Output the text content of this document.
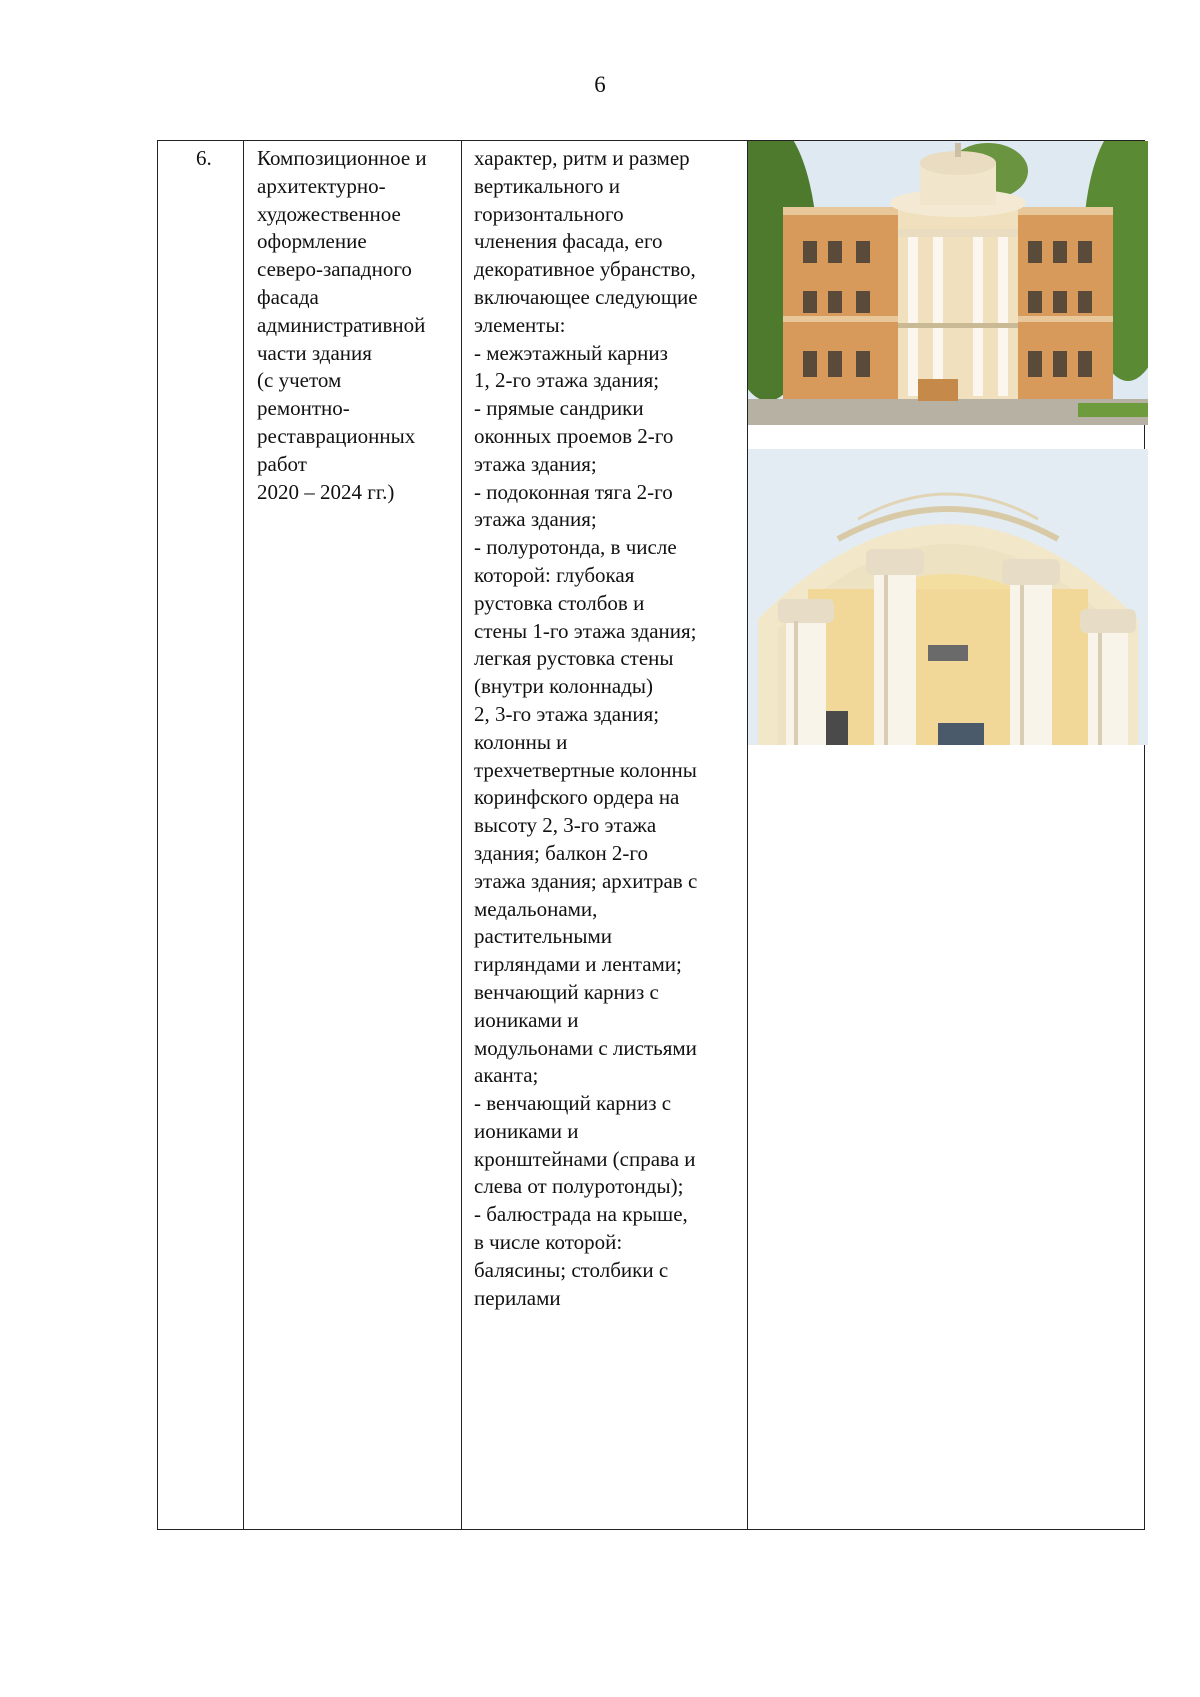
6
6. Композиционное и
архитектурно-
художественное
оформление
северо-западного
фасада
административной
части здания
(с учетом
ремонтно-
реставрационных
работ
2020 – 2024 гг.)
характер, ритм и размер
вертикального и
горизонтального
членения фасада, его
декоративное убранство,
включающее следующие
элементы:
- межэтажный карниз
1, 2-го этажа здания;
- прямые сандрики
оконных проемов 2-го
этажа здания;
- подоконная тяга 2-го
этажа здания;
- полуротонда, в числе
которой: глубокая
рустовка столбов и
стены 1-го этажа здания;
легкая рустовка стены
(внутри колоннады)
2, 3-го этажа здания;
колонны и
трехчетвертные колонны
коринфского ордера на
высоту 2, 3-го этажа
здания; балкон 2-го
этажа здания; архитрав с
медальонами,
растительными
гирляндами и лентами;
венчающий карниз с
иониками и
модульонами с листьями
аканта;
- венчающий карниз с
иониками и
кронштейнами (справа и
слева от полуротонды);
- балюстрада на крыше,
в числе которой:
балясины; столбики с
перилами
